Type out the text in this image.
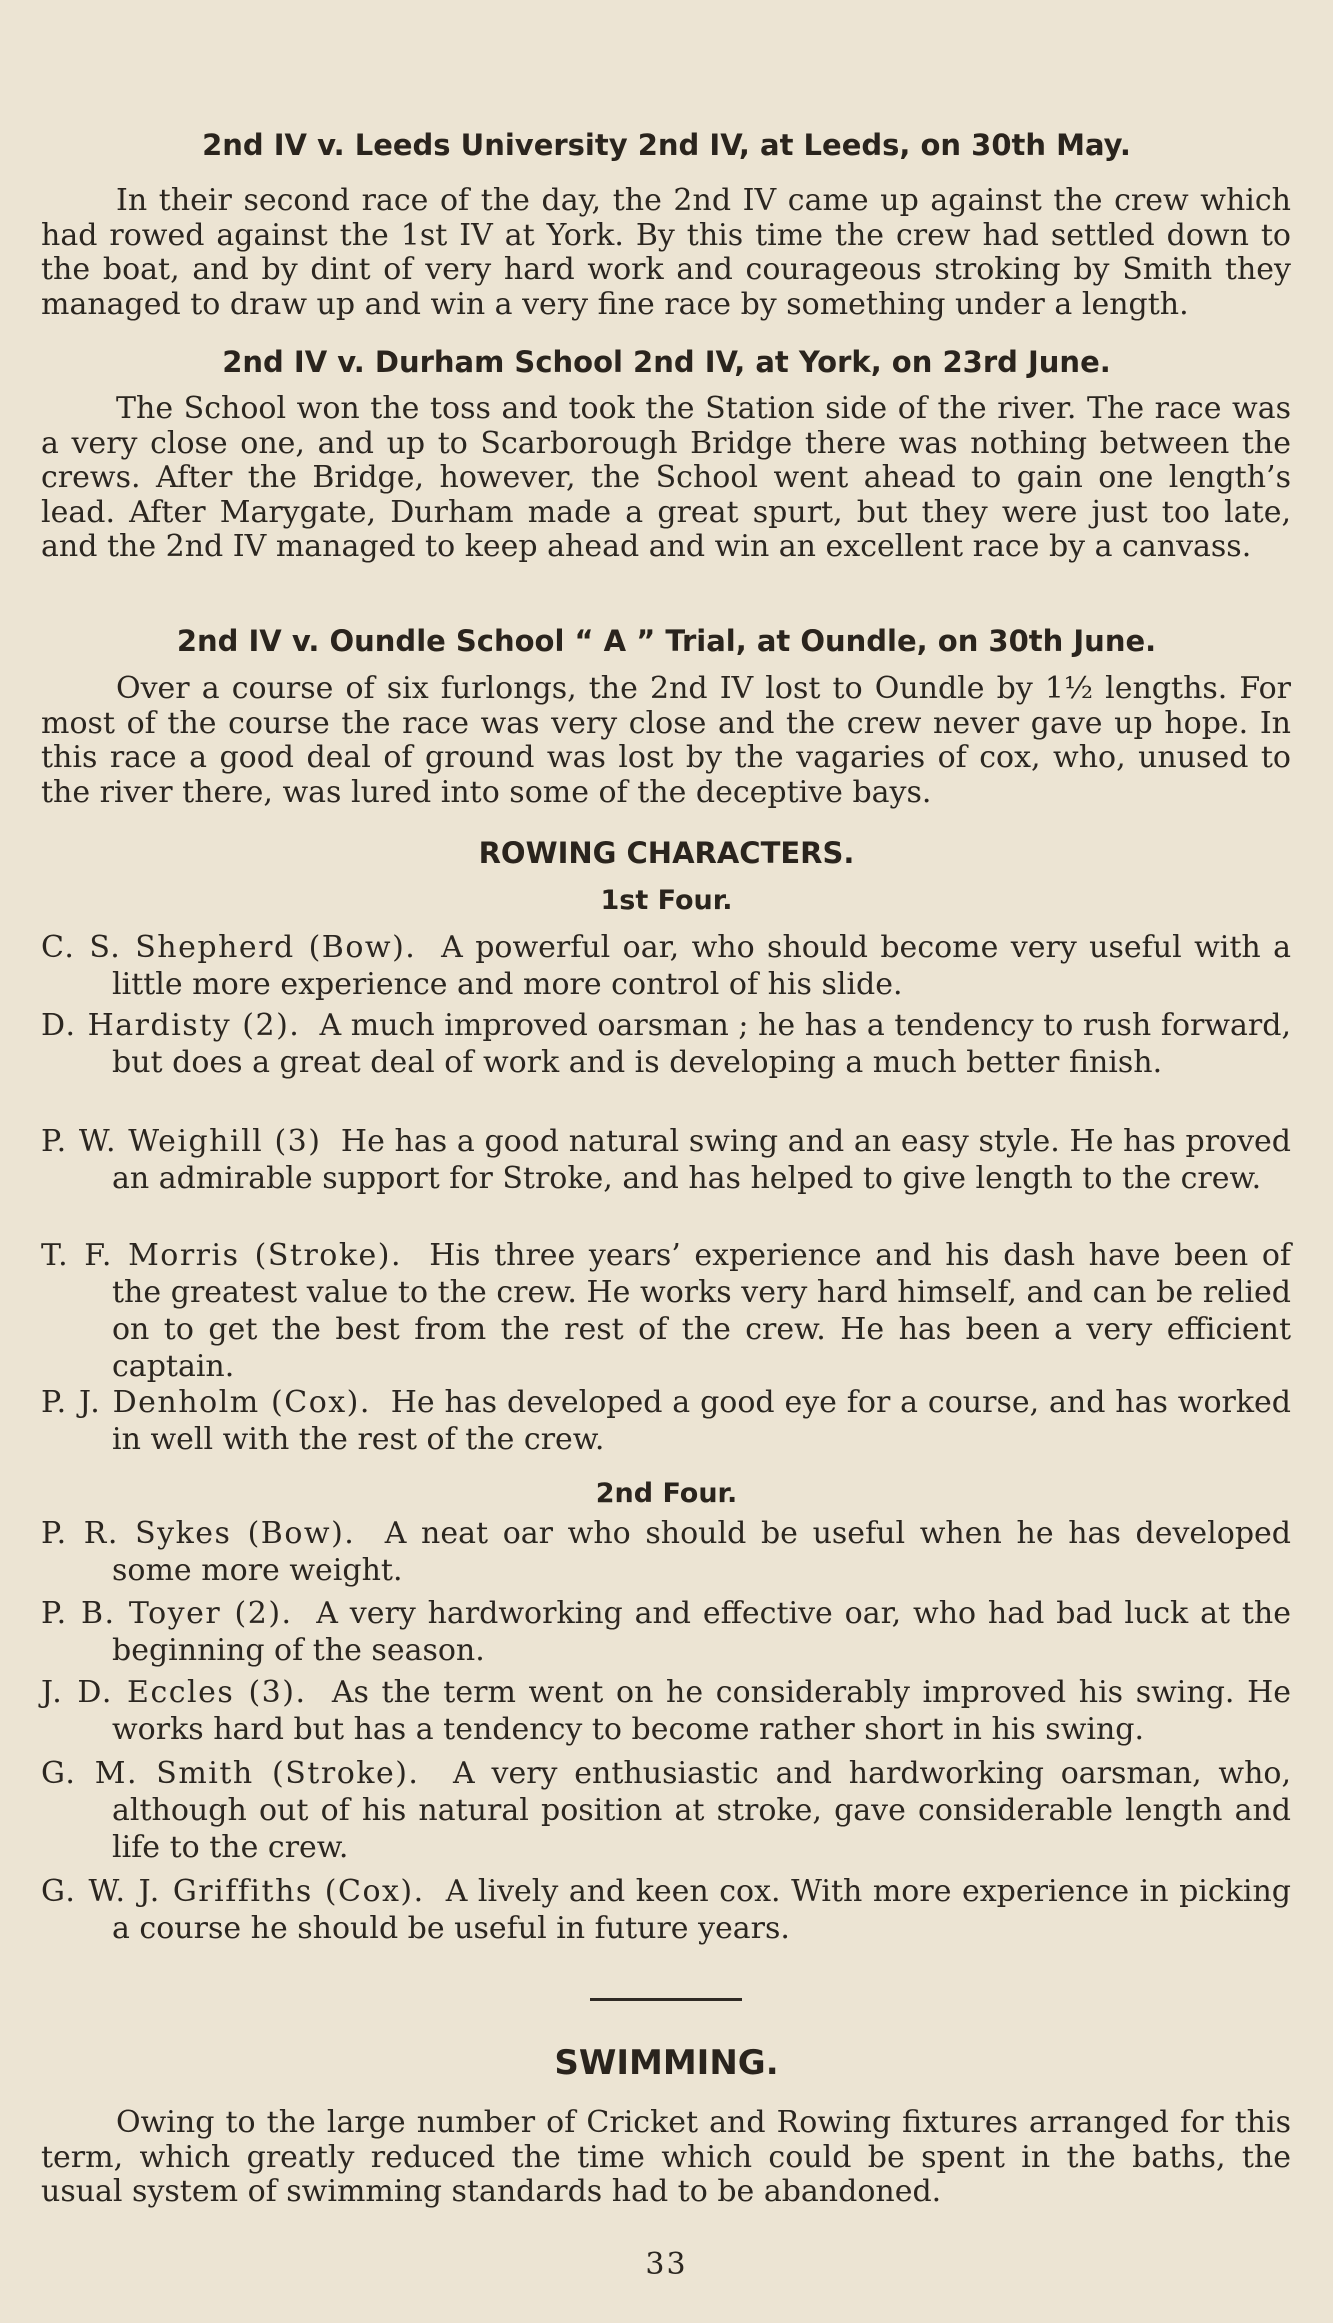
2nd IV v. Leeds University 2nd IV, at Leeds, on 30th May.

In their second race of the day, the 2nd IV came up against the crew which had rowed against the 1st IV at York. By this time the crew had settled down to the boat, and by dint of very hard work and courageous stroking by Smith they managed to draw up and win a very fine race by something under a length.

2nd IV v. Durham School 2nd IV, at York, on 23rd June.

The School won the toss and took the Station side of the river. The race was a very close one, and up to Scarborough Bridge there was nothing between the crews. After the Bridge, however, the School went ahead to gain one length’s lead. After Marygate, Durham made a great spurt, but they were just too late, and the 2nd IV managed to keep ahead and win an excellent race by a canvass.

2nd IV v. Oundle School “ A ” Trial, at Oundle, on 30th June.

Over a course of six furlongs, the 2nd IV lost to Oundle by 1½ lengths. For most of the course the race was very close and the crew never gave up hope. In this race a good deal of ground was lost by the vagaries of cox, who, unused to the river there, was lured into some of the deceptive bays.

ROWING CHARACTERS.
1st Four.
C. S. Shepherd (Bow). A powerful oar, who should become very useful with a little more experience and more control of his slide.
D. Hardisty (2). A much improved oarsman ; he has a tendency to rush forward, but does a great deal of work and is developing a much better finish.
P. W. Weighill (3) He has a good natural swing and an easy style. He has proved an admirable support for Stroke, and has helped to give length to the crew.
T. F. Morris (Stroke). His three years’ experience and his dash have been of the greatest value to the crew. He works very hard himself, and can be relied on to get the best from the rest of the crew. He has been a very efficient captain.
P. J. Denholm (Cox). He has developed a good eye for a course, and has worked in well with the rest of the crew.
2nd Four.
P. R. Sykes (Bow). A neat oar who should be useful when he has developed some more weight.
P. B. Toyer (2). A very hardworking and effective oar, who had bad luck at the beginning of the season.
J. D. Eccles (3). As the term went on he considerably improved his swing. He works hard but has a tendency to become rather short in his swing.
G. M. Smith (Stroke). A very enthusiastic and hardworking oarsman, who, although out of his natural position at stroke, gave considerable length and life to the crew.
G. W. J. Griffiths (Cox). A lively and keen cox. With more experience in picking a course he should be useful in future years.
SWIMMING.

Owing to the large number of Cricket and Rowing fixtures arranged for this term, which greatly reduced the time which could be spent in the baths, the usual system of swimming standards had to be abandoned.

33
